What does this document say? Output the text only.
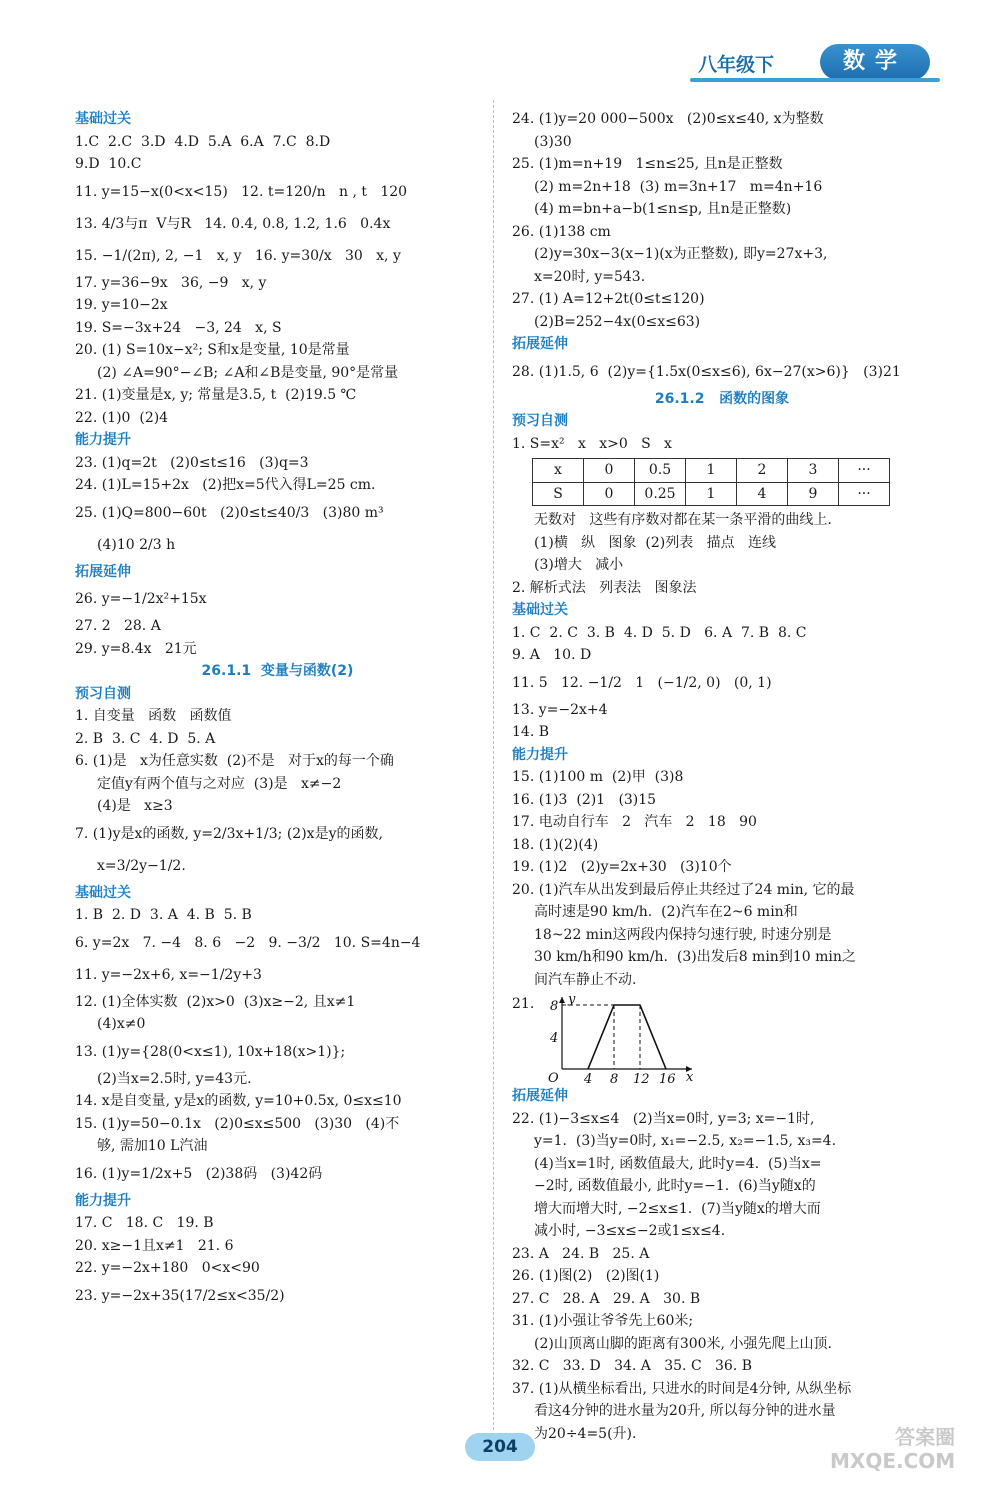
八年级下	数学
基础过关
1.C  2.C  3.D  4.D  5.A  6.A  7.C  8.D
9.D  10.C
11. y=15−x(0<x<15)   12. t=120/n   n , t   120
13. 4/3与π  V与R   14. 0.4, 0.8, 1.2, 1.6   0.4x
15. −1/(2π), 2, −1   x, y   16. y=30/x   30   x, y
17. y=36−9x   36, −9   x, y
19. y=10−2x
19. S=−3x+24   −3, 24   x, S
20. (1) S=10x−x²; S和x是变量, 10是常量
(2) ∠A=90°−∠B; ∠A和∠B是变量, 90°是常量
21. (1)变量是x, y; 常量是3.5, t  (2)19.5 ℃
22. (1)0  (2)4
能力提升
23. (1)q=2t   (2)0≤t≤16   (3)q=3
24. (1)L=15+2x   (2)把x=5代入得L=25 cm.
25. (1)Q=800−60t   (2)0≤t≤40/3   (3)80 m³
(4)10 2/3 h
拓展延伸
26. y=−1/2x²+15x
27. 2   28. A
29. y=8.4x   21元
26.1.1  变量与函数(2)
预习自测
1. 自变量   函数   函数值
2. B  3. C  4. D  5. A
6. (1)是   x为任意实数  (2)不是   对于x的每一个确
定值y有两个值与之对应  (3)是   x≠−2
(4)是   x≥3
7. (1)y是x的函数, y=2/3x+1/3; (2)x是y的函数,
x=3/2y−1/2.
基础过关
1. B  2. D  3. A  4. B  5. B
6. y=2x   7. −4   8. 6   −2   9. −3/2   10. S=4n−4
11. y=−2x+6, x=−1/2y+3
12. (1)全体实数  (2)x>0  (3)x≥−2, 且x≠1
(4)x≠0
13. (1)y={28(0<x≤1), 10x+18(x>1)};
(2)当x=2.5时, y=43元.
14. x是自变量, y是x的函数, y=10+0.5x, 0≤x≤10
15. (1)y=50−0.1x   (2)0≤x≤500   (3)30   (4)不
够, 需加10 L汽油
16. (1)y=1/2x+5   (2)38码   (3)42码
能力提升
17. C   18. C   19. B
20. x≥−1且x≠1   21. 6
22. y=−2x+180   0<x<90
23. y=−2x+35(17/2≤x<35/2)
24. (1)y=20 000−500x   (2)0≤x≤40, x为整数
(3)30
25. (1)m=n+19   1≤n≤25, 且n是正整数
(2) m=2n+18  (3) m=3n+17   m=4n+16
(4) m=bn+a−b(1≤n≤p, 且n是正整数)
26. (1)138 cm
(2)y=30x−3(x−1)(x为正整数), 即y=27x+3,
x=20时, y=543.
27. (1) A=12+2t(0≤t≤120)
(2)B=252−4x(0≤x≤63)
拓展延伸
28. (1)1.5, 6  (2)y={1.5x(0≤x≤6), 6x−27(x>6)}   (3)21
26.1.2   函数的图象
预习自测
1. S=x²   x   x>0   S   x
x	0	0.5	1	2	3	···
S	0	0.25	1	4	9	···
无数对   这些有序数对都在某一条平滑的曲线上.
(1)横   纵   图象  (2)列表   描点   连线
(3)增大   减小
2. 解析式法   列表法   图象法
基础过关
1. C  2. C  3. B  4. D  5. D   6. A  7. B  8. C
9. A   10. D
11. 5   12. −1/2   1   (−1/2, 0)   (0, 1)
13. y=−2x+4
14. B
能力提升
15. (1)100 m  (2)甲  (3)8
16. (1)3  (2)1   (3)15
17. 电动自行车   2   汽车   2   18   90
18. (1)(2)(4)
19. (1)2   (2)y=2x+30   (3)10个
20. (1)汽车从出发到最后停止共经过了24 min, 它的最
高时速是90 km/h.  (2)汽车在2~6 min和
18~22 min这两段内保持匀速行驶, 时速分别是
30 km/h和90 km/h.  (3)出发后8 min到10 min之
间汽车静止不动.
21.	y
x
O
4
8
4 8 12 16
拓展延伸
22. (1)−3≤x≤4   (2)当x=0时, y=3; x=−1时,
y=1.  (3)当y=0时, x₁=−2.5, x₂=−1.5, x₃=4.
(4)当x=1时, 函数值最大, 此时y=4.  (5)当x=
−2时, 函数值最小, 此时y=−1.  (6)当y随x的
增大而增大时, −2≤x≤1.  (7)当y随x的增大而
减小时, −3≤x≤−2或1≤x≤4.
23. A   24. B   25. A
26. (1)图(2)   (2)图(1)
27. C   28. A   29. A   30. B
31. (1)小强让爷爷先上60米;
(2)山顶离山脚的距离有300米, 小强先爬上山顶.
32. C   33. D   34. A   35. C   36. B
37. (1)从横坐标看出, 只进水的时间是4分钟, 从纵坐标
看这4分钟的进水量为20升, 所以每分钟的进水量
为20÷4=5(升).
204	答案圈
MXQE.COM
